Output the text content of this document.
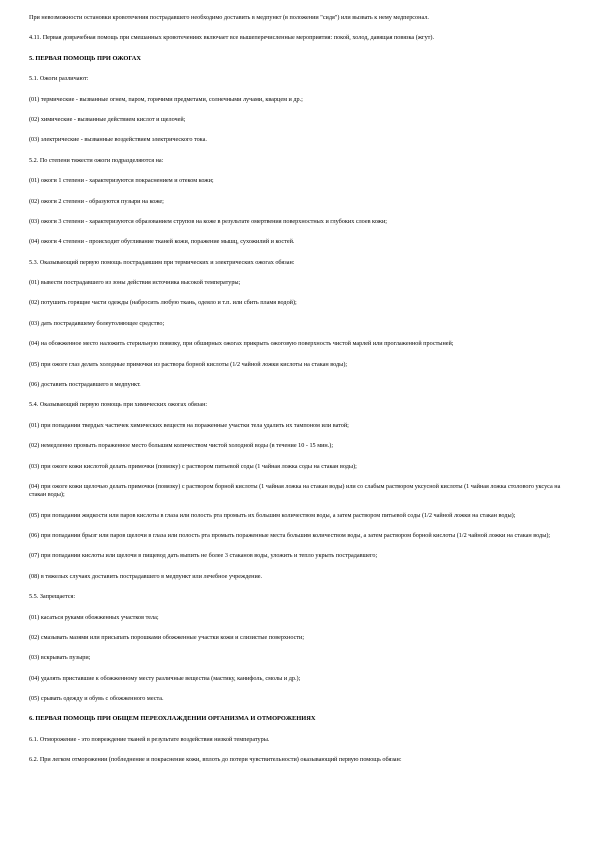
При невозможности остановки кровотечения пострадавшего необходимо доставить в медпункт (в положении "сидя") или вызвать к нему медперсонал.

4.11. Первая доврачебная помощь при смешанных кровотечениях включает все вышеперечисленные мероприятия: покой, холод, давящая повязка (жгут).

5. ПЕРВАЯ ПОМОЩЬ ПРИ ОЖОГАХ

5.1. Ожоги различают:

(01) термические - вызванные огнем, паром, горячими предметами, солнечными лучами, кварцем и др.;

(02) химические - вызванные действием кислот и щелочей;

(03) электрические - вызванные воздействием электрического тока.

5.2. По степени тяжести ожоги подразделяются на:

(01) ожоги 1 степени - характеризуются покраснением и отеком кожи;

(02) ожоги 2 степени - образуются пузыри на коже;

(03) ожоги 3 степени - характеризуются образованием струпов на коже в результате омертвения поверхностных и глубоких слоев кожи;

(04) ожоги 4 степени - происходит обугливание тканей кожи, поражение мышц, сухожилий и костей.

5.3. Оказывающий первую помощь пострадавшим при термических и электрических ожогах обязан:

(01) вывести пострадавшего из зоны действия источника высокой температуры;

(02) потушить горящие части одежды (набросить любую ткань, одеяло и т.п. или сбить пламя водой);

(03) дать пострадавшему болеутоляющее средство;

(04) на обожженное место наложить стерильную повязку, при обширных ожогах прикрыть ожоговую поверхность чистой марлей или проглаженной простыней;

(05) при ожоге глаз делать холодные примочки из раствора борной кислоты (1/2 чайной ложки кислоты на стакан воды);

(06) доставить пострадавшего в медпункт.

5.4. Оказывающий первую помощь при химических ожогах обязан:

(01) при попадании твердых частичек химических веществ на пораженные участки тела удалить их тампоном или ватой;

(02) немедленно промыть пораженное место большим количеством чистой холодной воды (в течение 10 - 15 мин.);

(03) при ожоге кожи кислотой делать примочки (повязку) с раствором питьевой соды (1 чайная ложка соды на стакан воды);

(04) при ожоге кожи щелочью делать примочки (повязку) с раствором борной кислоты (1 чайная ложка на стакан воды) или со слабым раствором уксусной кислоты (1 чайная ложка столового уксуса на стакан воды);

(05) при попадании жидкости или паров кислоты в глаза или полость рта промыть их большим количеством воды, а затем раствором питьевой соды (1/2 чайной ложки на стакан воды);

(06) при попадании брызг или паров щелочи в глаза или полость рта промыть пораженные места большим количеством воды, а затем раствором борной кислоты (1/2 чайной ложки на стакан воды);

(07) при попадании кислоты или щелочи в пищевод дать выпить не более 3 стаканов воды, уложить и тепло укрыть пострадавшего;

(08) в тяжелых случаях доставить пострадавшего в медпункт или лечебное учреждение.

5.5. Запрещается:

(01) касаться руками обожженных участков тела;

(02) смазывать мазями или присыпать порошками обожженные участки кожи и слизистые поверхности;

(03) вскрывать пузыри;

(04) удалять приставшие к обожженному месту различные вещества (мастику, канифоль, смолы и др.);

(05) срывать одежду и обувь с обожженного места.

6. ПЕРВАЯ ПОМОЩЬ ПРИ ОБЩЕМ ПЕРЕОХЛАЖДЕНИИ ОРГАНИЗМА И ОТМОРОЖЕНИЯХ

6.1. Отморожение - это повреждение тканей в результате воздействия низкой температуры.

6.2. При легком отморожении (побледнение и покраснение кожи, вплоть до потери чувствительности) оказывающий первую помощь обязан:
